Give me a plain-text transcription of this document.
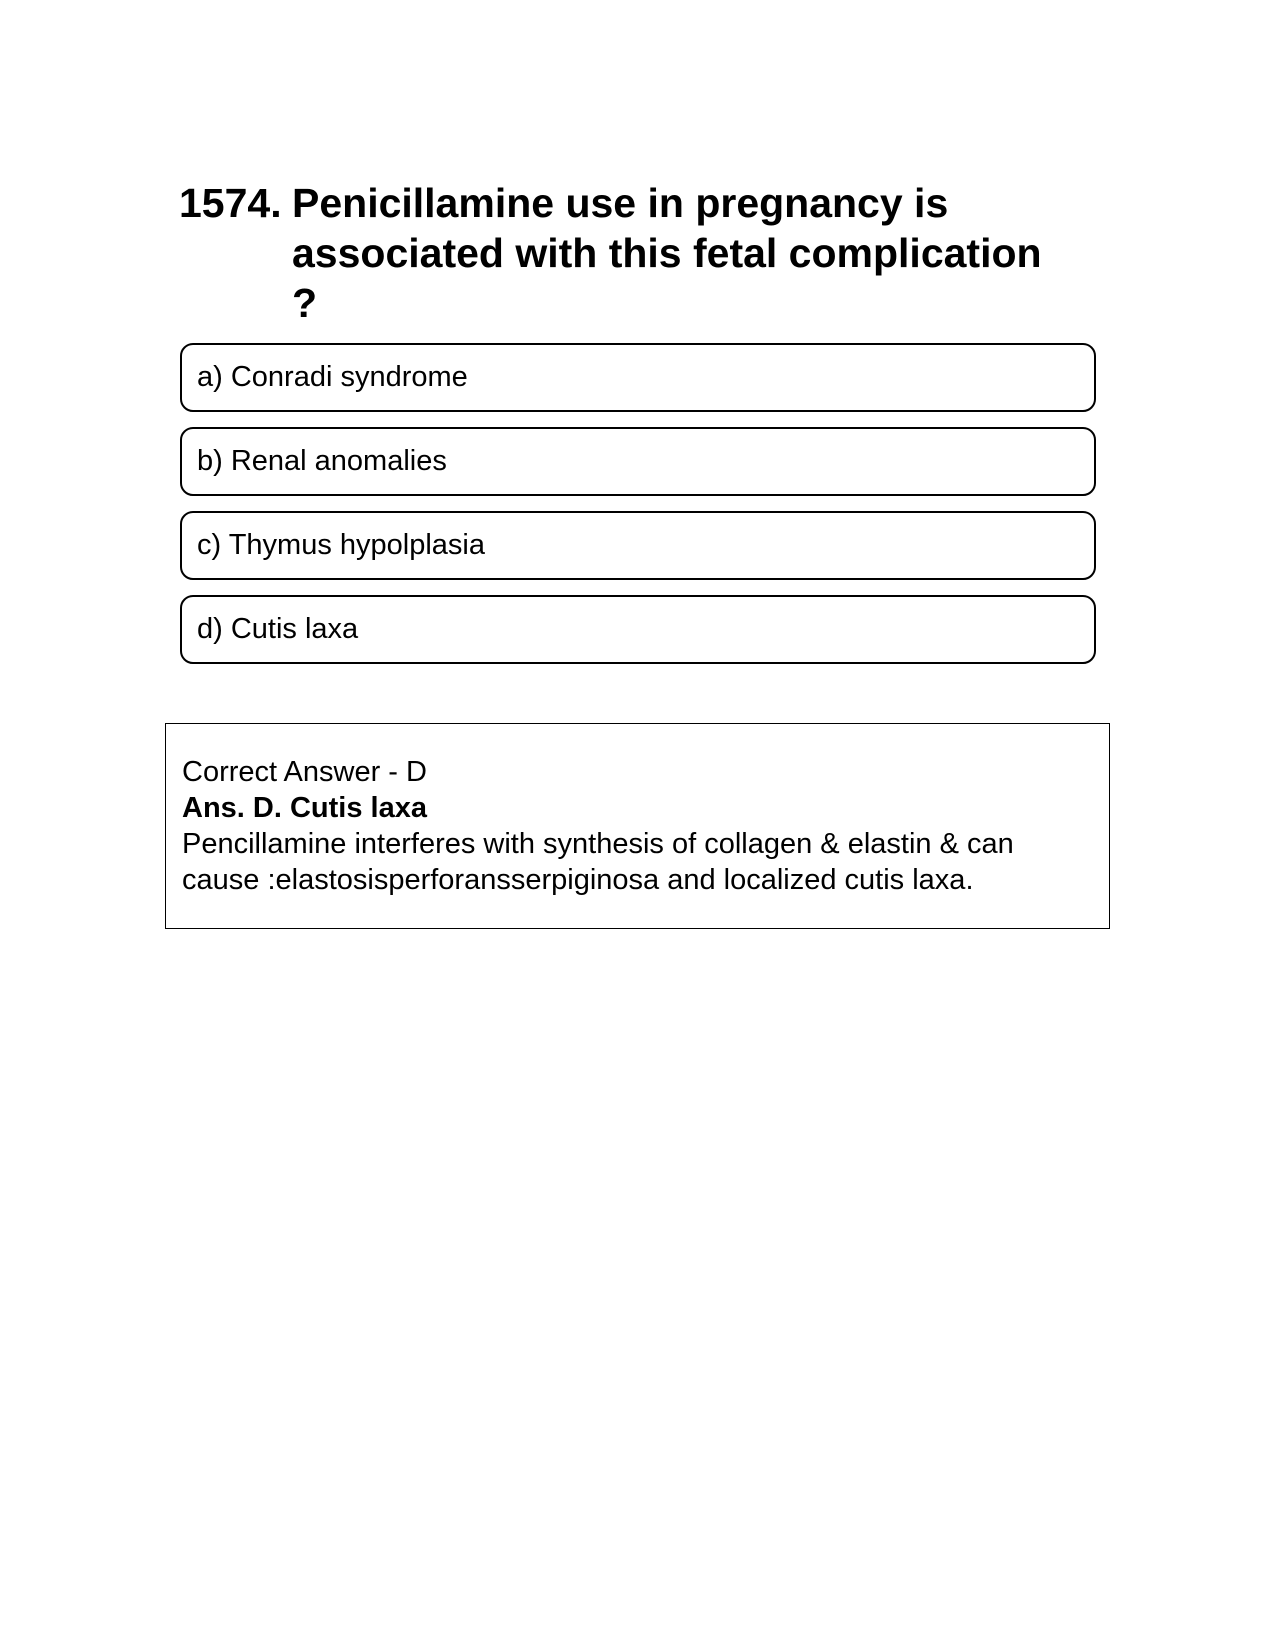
1574. Penicillamine use in pregnancy is associated with this fetal complication ?
a) Conradi syndrome
b) Renal anomalies
c) Thymus hypolplasia
d) Cutis laxa
Correct Answer - D
Ans. D. Cutis laxa
Pencillamine interferes with synthesis of collagen & elastin & can cause :elastosisperforansserpiginosa and localized cutis laxa.
